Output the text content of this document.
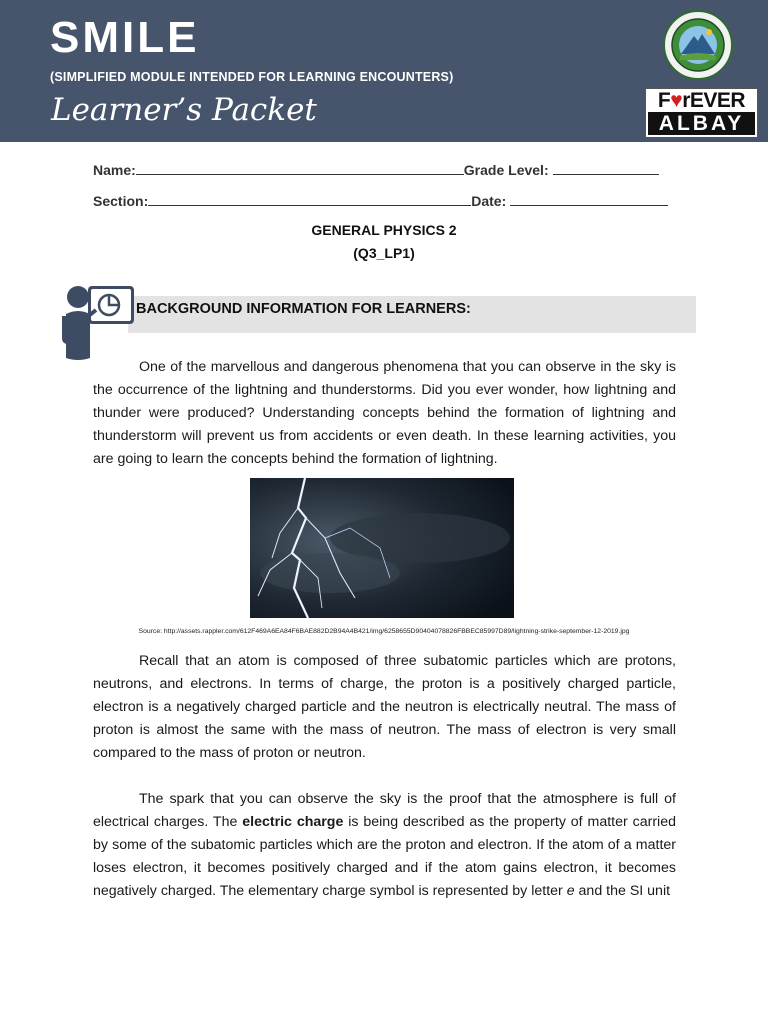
SMILE
(SIMPLIFIED MODULE INTENDED FOR LEARNING ENCOUNTERS)
Learner’s Packet	F♥rEVER
ALBAY
Name:	Grade Level:
Section:	Date:
GENERAL PHYSICS 2
(Q3_LP1)
BACKGROUND INFORMATION FOR LEARNERS:

One of the marvellous and dangerous phenomena that you can observe in the sky is the occurrence of the lightning and thunderstorms. Did you ever wonder, how lightning and thunder were produced? Understanding concepts behind the formation of lightning and thunderstorm will prevent us from accidents or even death. In these learning activities, you are going to learn the concepts behind the formation of lightning.

Source: http://assets.rappler.com/612F469A6EA84F6BAE882D2B94A4B421/img/6258655D90404078826FBBEC85997D89/lightning-strike-september-12-2019.jpg

Recall that an atom is composed of three subatomic particles which are protons, neutrons, and electrons. In terms of charge, the proton is a positively charged particle, electron is a negatively charged particle and the neutron is electrically neutral. The mass of proton is almost the same with the mass of neutron. The mass of electron is very small compared to the mass of proton or neutron.

The spark that you can observe the sky is the proof that the atmosphere is full of electrical charges. The electric charge is being described as the property of matter carried by some of the subatomic particles which are the proton and electron. If the atom of a matter loses electron, it becomes positively charged and if the atom gains electron, it becomes negatively charged. The elementary charge symbol is represented by letter e and the SI unit
